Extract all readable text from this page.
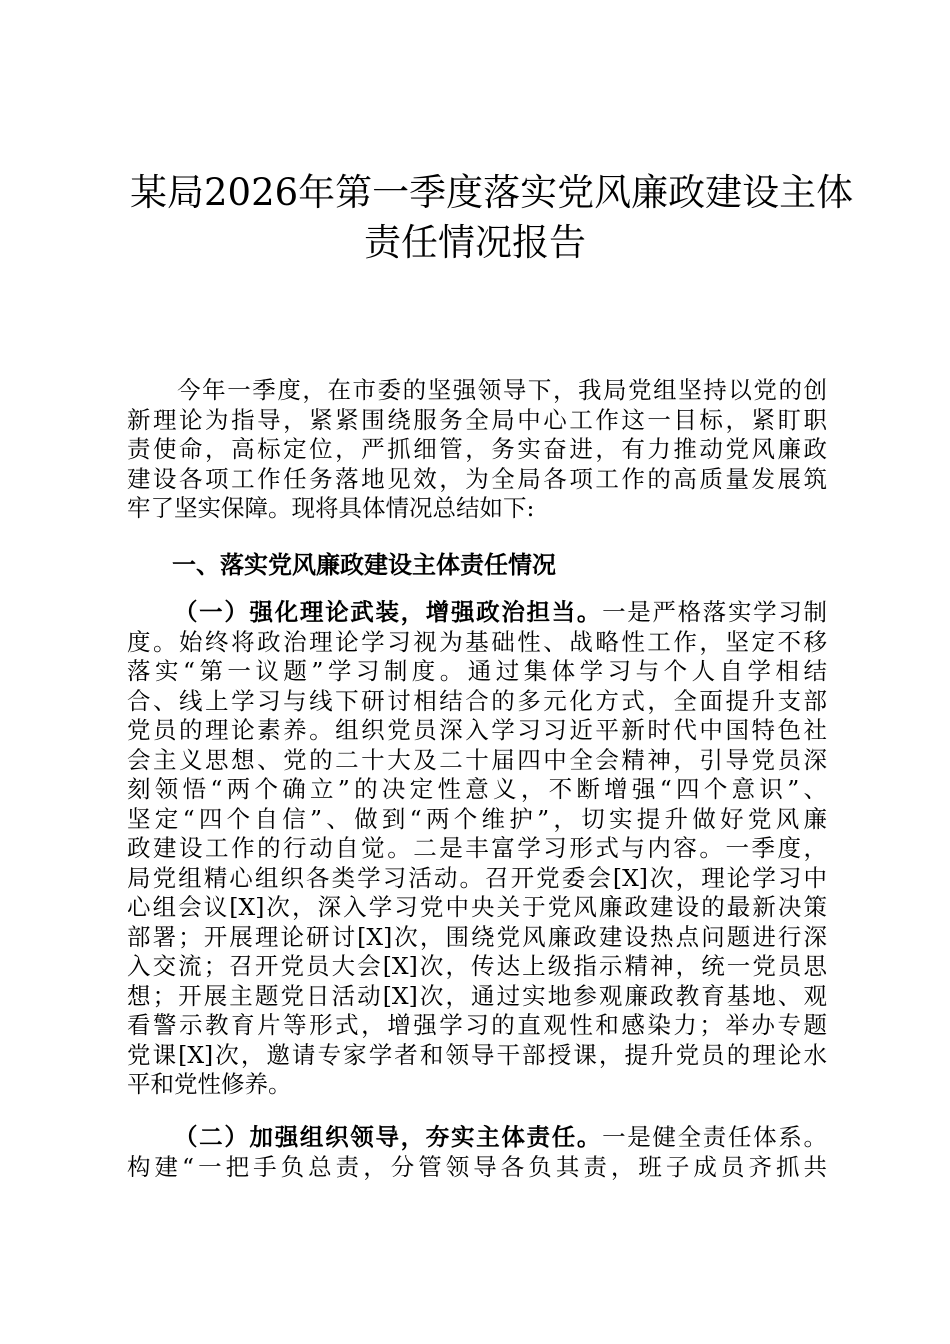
某局2026年第一季度落实党风廉政建设主体
责任情况报告
　　今年一季度，在市委的坚强领导下，我局党组坚持以党的创
新理论为指导，紧紧围绕服务全局中心工作这一目标，紧盯职
责使命，高标定位，严抓细管，务实奋进，有力推动党风廉政
建设各项工作任务落地见效，为全局各项工作的高质量发展筑
牢了坚实保障。现将具体情况总结如下:
一、落实党风廉政建设主体责任情况
（一）强化理论武装，增强政治担当。一是严格落实学习制
度。始终将政治理论学习视为基础性、战略性工作，坚定不移
落实“第一议题”学习制度。通过集体学习与个人自学相结
合、线上学习与线下研讨相结合的多元化方式，全面提升支部
党员的理论素养。组织党员深入学习习近平新时代中国特色社
会主义思想、党的二十大及二十届四中全会精神，引导党员深
刻领悟“两个确立”的决定性意义，不断增强“四个意识”、
坚定“四个自信”、做到“两个维护”，切实提升做好党风廉
政建设工作的行动自觉。二是丰富学习形式与内容。一季度，
局党组精心组织各类学习活动。召开党委会[X]次，理论学习中
心组会议[X]次，深入学习党中央关于党风廉政建设的最新决策
部署；开展理论研讨[X]次，围绕党风廉政建设热点问题进行深
入交流；召开党员大会[X]次，传达上级指示精神，统一党员思
想；开展主题党日活动[X]次，通过实地参观廉政教育基地、观
看警示教育片等形式，增强学习的直观性和感染力；举办专题
党课[X]次，邀请专家学者和领导干部授课，提升党员的理论水
平和党性修养。
（二）加强组织领导，夯实主体责任。一是健全责任体系。
构建“一把手负总责，分管领导各负其责，班子成员齐抓共
